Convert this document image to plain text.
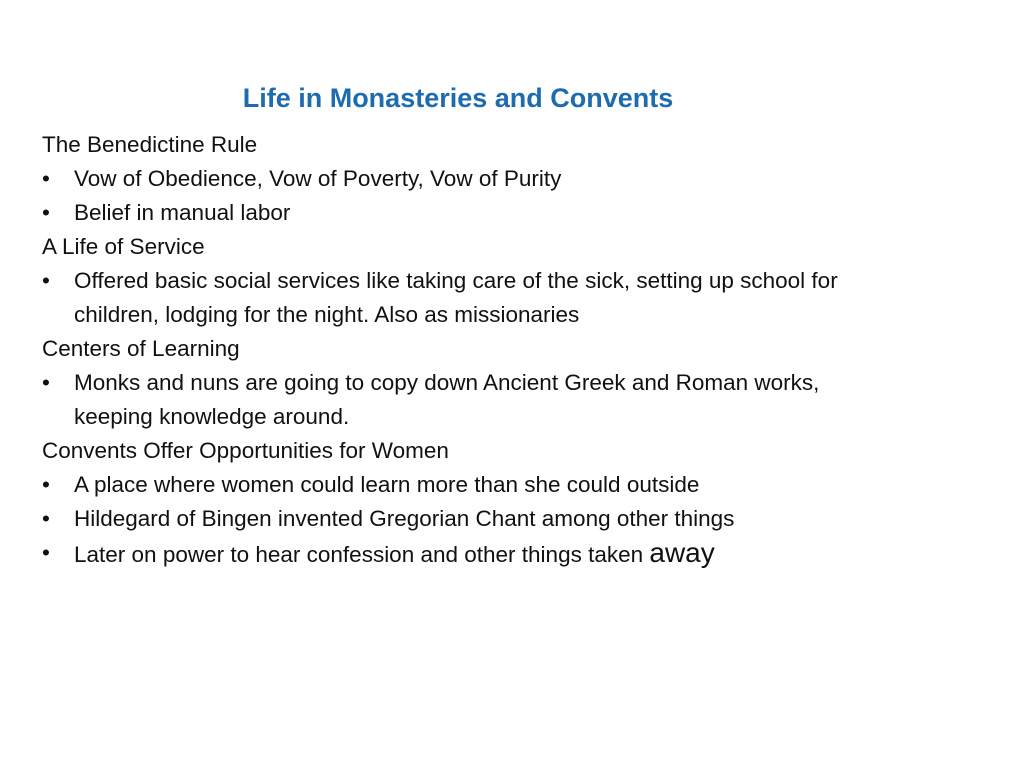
Life in Monasteries and Convents

The Benedictine Rule

• Vow of Obedience, Vow of Poverty, Vow of Purity

• Belief in manual labor

A Life of Service

• Offered basic social services like taking care of the sick, setting up school for children, lodging for the night. Also as missionaries

Centers of Learning

• Monks and nuns are going to copy down Ancient Greek and Roman works, keeping knowledge around.

Convents Offer Opportunities for Women

• A place where women could learn more than she could outside

• Hildegard of Bingen invented Gregorian Chant among other things

• Later on power to hear confession and other things taken away
